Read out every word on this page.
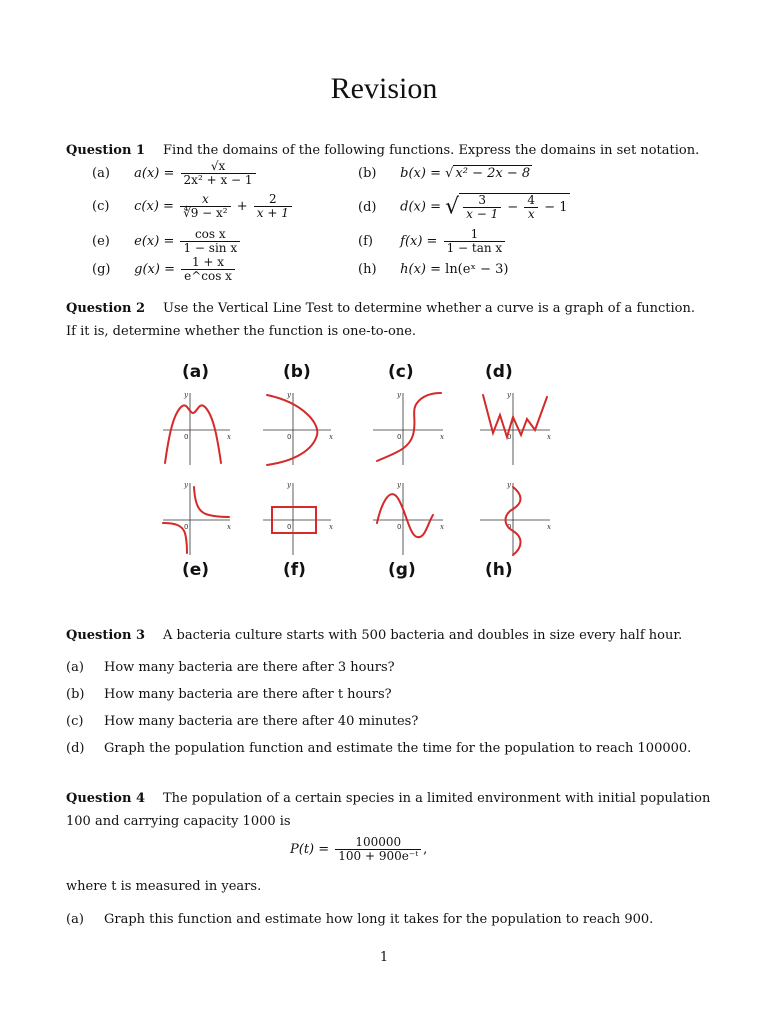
Revision
Question 1 Find the domains of the following functions. Express the domains in set notation.
(a) $a(x) = \frac{√x}{\text{2x² + x − 1}}$	(b) b(x) = √ x² − 2x − 8
(c) $c(x) = \frac{x}{\text{∜9 − x²}} + \frac{2}{x + 1}$	(d) d(x) = √ $\frac{3}{x - 1} - \frac{4}{x} - 1$
(e) $e(x) = \frac{\text{cos x}}{\text{1 − sin x}}$	(f) $f(x) = \frac{1}{\text{1 − tan x}}$
(g) $g(x) = \frac{1 + x}{\text{e\textasciicircum{}cos x}}$	(h) h(x) = ln(eˣ − 3)
Question 2 Use the Vertical Line Test to determine whether a curve is a graph of a function.
If it is, determine whether the function is one-to-one.
(a)	(b)	(c)	(d)
(e)	(f)	(g)	(h)
y
x
y
x
y
x
y
x
y
x
y
x
y
x
y
x
0	0	0	0
0	0	0	0
Question 3 A bacteria culture starts with 500 bacteria and doubles in size every half hour.
(a) How many bacteria are there after 3 hours?
(b) How many bacteria are there after t hours?
(c) How many bacteria are there after 40 minutes?
(d) Graph the population function and estimate the time for the population to reach 100000.
Question 4 The population of a certain species in a limited environment with initial population
100 and carrying capacity 1000 is
$P(t) = \frac{100000}{\text{100 + 900e⁻ᵗ}}$ ,
where t is measured in years.
(a) Graph this function and estimate how long it takes for the population to reach 900.
1
